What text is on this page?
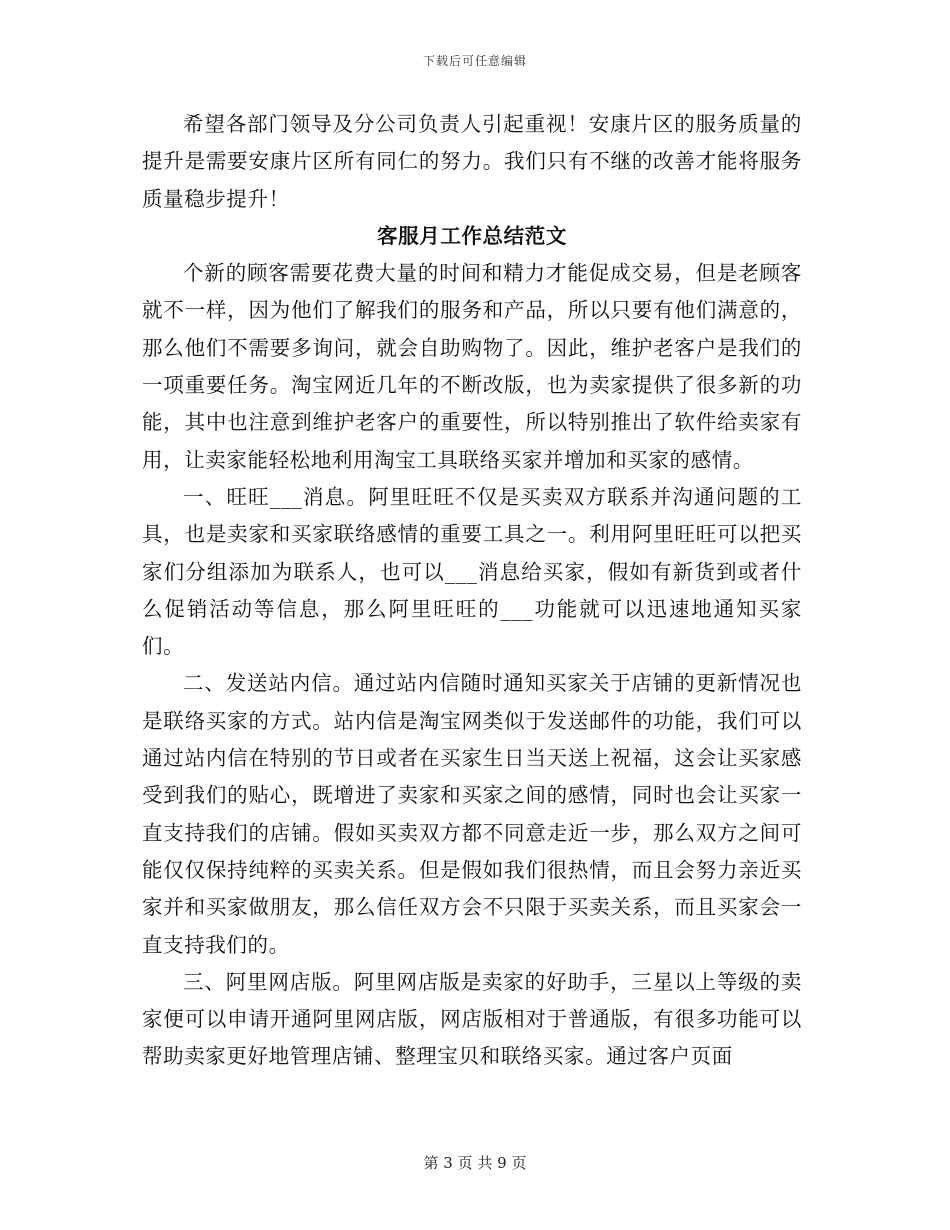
下载后可任意编辑

希望各部门领导及分公司负责人引起重视！安康片区的服务质量的提升是需要安康片区所有同仁的努力。我们只有不继的改善才能将服务质量稳步提升！

客服月工作总结范文

个新的顾客需要花费大量的时间和精力才能促成交易，但是老顾客就不一样，因为他们了解我们的服务和产品，所以只要有他们满意的，那么他们不需要多询问，就会自助购物了。因此，维护老客户是我们的一项重要任务。淘宝网近几年的不断改版，也为卖家提供了很多新的功能，其中也注意到维护老客户的重要性，所以特别推出了软件给卖家有用，让卖家能轻松地利用淘宝工具联络买家并增加和买家的感情。

一、旺旺___消息。阿里旺旺不仅是买卖双方联系并沟通问题的工具，也是卖家和买家联络感情的重要工具之一。利用阿里旺旺可以把买家们分组添加为联系人，也可以___消息给买家，假如有新货到或者什么促销活动等信息，那么阿里旺旺的___功能就可以迅速地通知买家们。

二、发送站内信。通过站内信随时通知买家关于店铺的更新情况也是联络买家的方式。站内信是淘宝网类似于发送邮件的功能，我们可以通过站内信在特别的节日或者在买家生日当天送上祝福，这会让买家感受到我们的贴心，既增进了卖家和买家之间的感情，同时也会让买家一直支持我们的店铺。假如买卖双方都不同意走近一步，那么双方之间可能仅仅保持纯粹的买卖关系。但是假如我们很热情，而且会努力亲近买家并和买家做朋友，那么信任双方会不只限于买卖关系，而且买家会一直支持我们的。

三、阿里网店版。阿里网店版是卖家的好助手，三星以上等级的卖家便可以申请开通阿里网店版，网店版相对于普通版，有很多功能可以帮助卖家更好地管理店铺、整理宝贝和联络买家。通过客户页面

第 3 页 共 9 页
